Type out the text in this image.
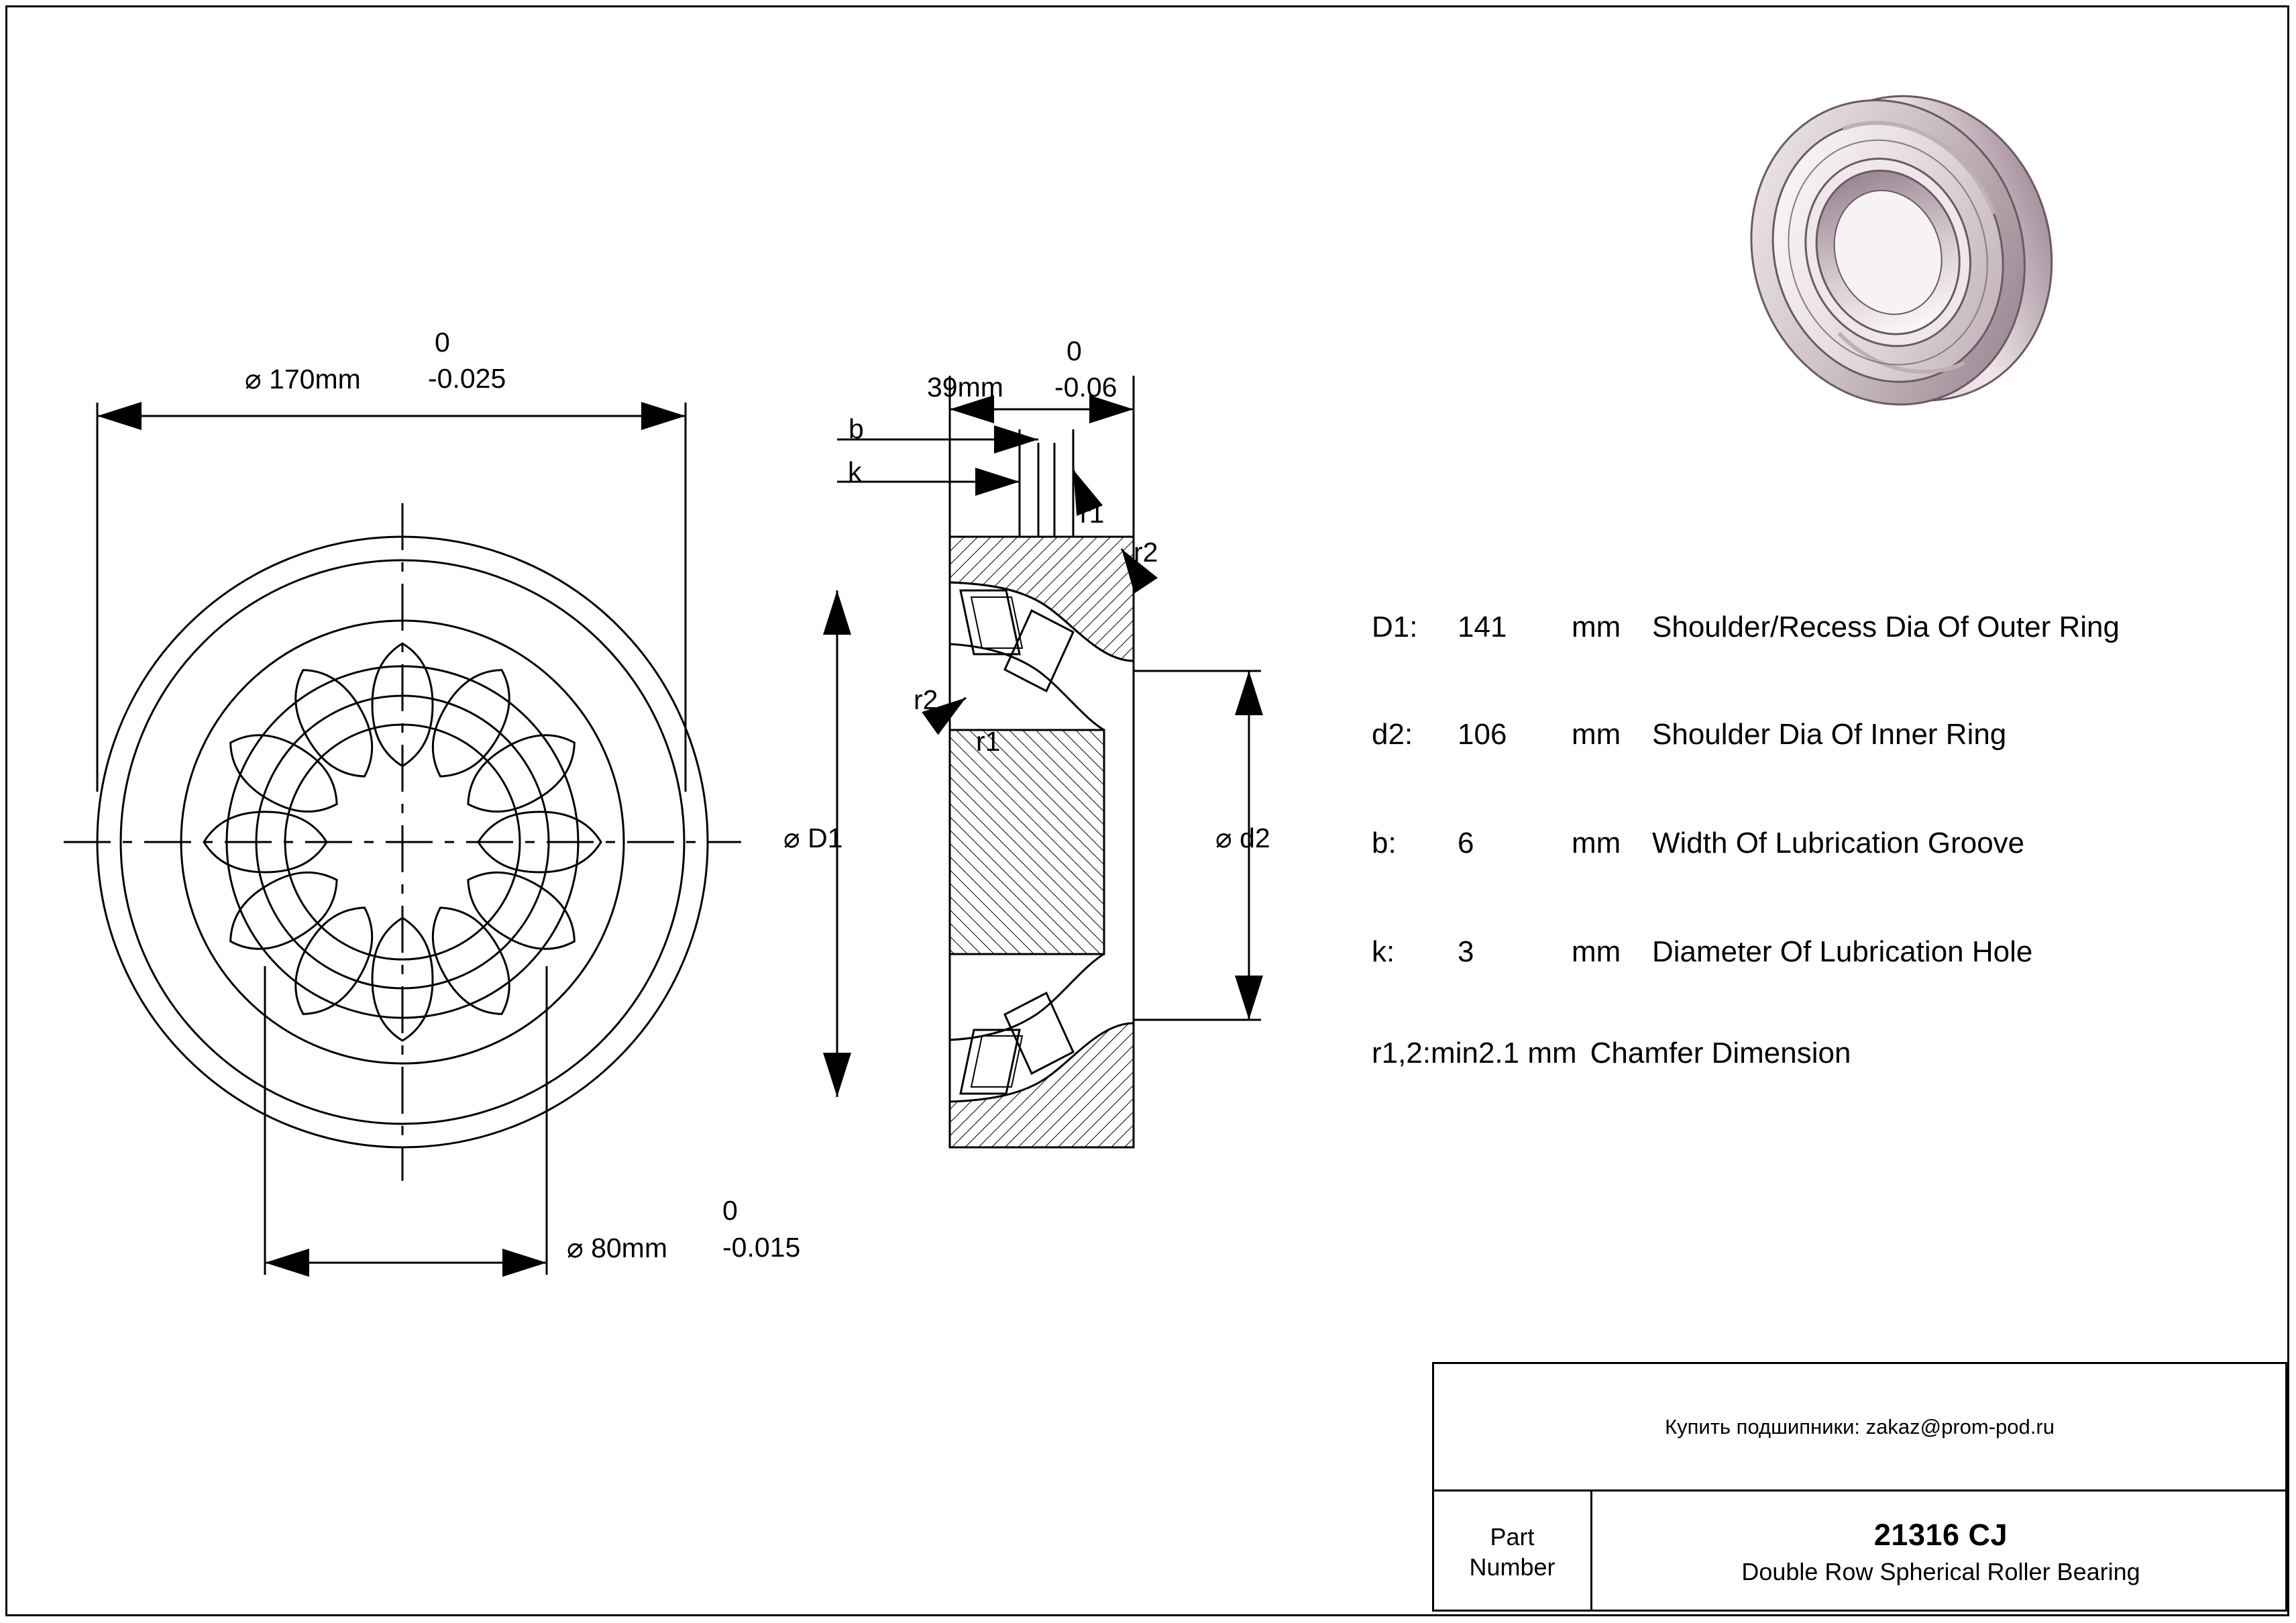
0
⌀ 170mm -0.025
0
⌀ 80mm -0.015
0
39mm -0.06
b
k
r1
r2
r2
r1
⌀ D1	⌀ d2
D1:	141	mm	Shoulder/Recess Dia Of Outer Ring
d2:	106	mm	Shoulder Dia Of Inner Ring
b:	6	mm	Width Of Lubrication Groove
k:	3	mm	Diameter Of Lubrication Hole
r1,2:min2.1 mm Chamfer Dimension
Купить подшипники: zakaz@prom-pod.ru
Part
Number
21316 CJ
Double Row Spherical Roller Bearing
